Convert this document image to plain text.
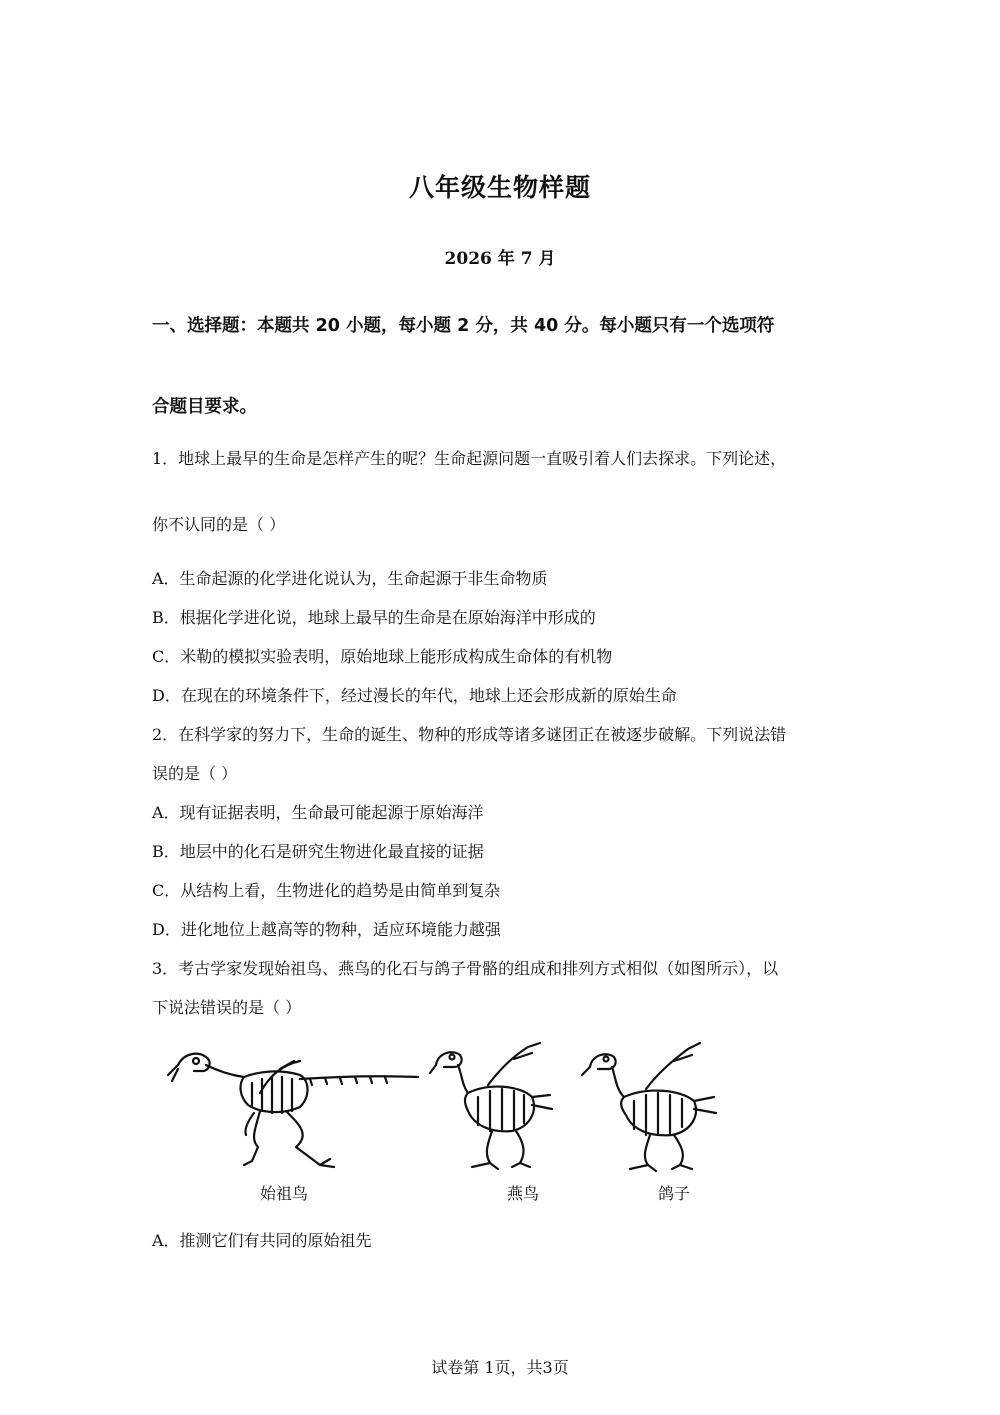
八年级生物样题
2026 年 7 月
一、选择题：本题共 20 小题，每小题 2 分，共 40 分。每小题只有一个选项符
合题目要求。
1．地球上最早的生命是怎样产生的呢？生命起源问题一直吸引着人们去探求。下列论述，
你不认同的是（ ）
A．生命起源的化学进化说认为，生命起源于非生命物质
B．根据化学进化说，地球上最早的生命是在原始海洋中形成的
C．米勒的模拟实验表明，原始地球上能形成构成生命体的有机物
D．在现在的环境条件下，经过漫长的年代，地球上还会形成新的原始生命
2．在科学家的努力下，生命的诞生、物种的形成等诸多谜团正在被逐步破解。下列说法错
误的是（ ）
A．现有证据表明，生命最可能起源于原始海洋
B．地层中的化石是研究生物进化最直接的证据
C．从结构上看，生物进化的趋势是由简单到复杂
D．进化地位上越高等的物种，适应环境能力越强
3．考古学家发现始祖鸟、燕鸟的化石与鸽子骨骼的组成和排列方式相似（如图所示），以
下说法错误的是（ ）
始祖鸟	燕鸟	鸽子
A．推测它们有共同的原始祖先
试卷第 1页，共3页
